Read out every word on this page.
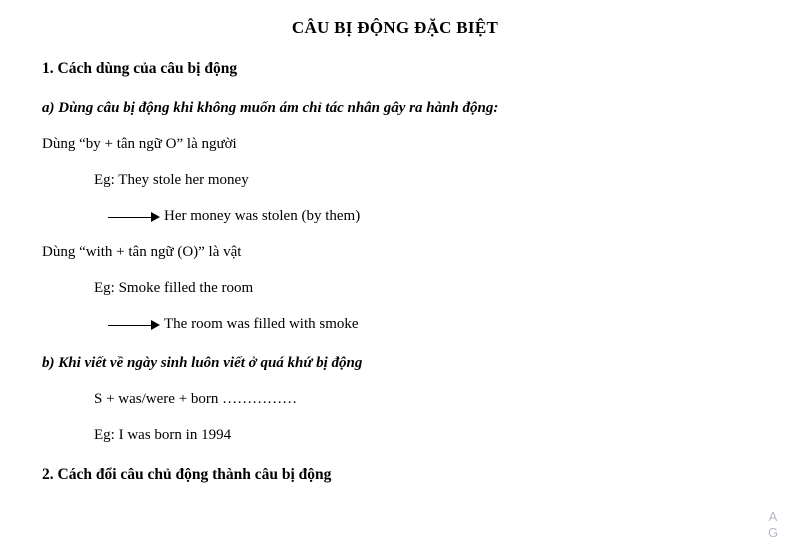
CÂU BỊ ĐỘNG ĐẶC BIỆT
1. Cách dùng của câu bị động
a) Dùng câu bị động khi không muốn ám chỉ tác nhân gây ra hành động:
Dùng “by + tân ngữ O” là người
Eg: They stole her money
Her money was stolen (by them)
Dùng “with + tân ngữ (O)” là vật
Eg: Smoke filled the room
The room was filled with smoke
b) Khi viết về ngày sinh luôn viết ở quá khứ bị động
S + was/were + born ……………
Eg: I was born in 1994
2. Cách đổi câu chủ động thành câu bị động
A
G
